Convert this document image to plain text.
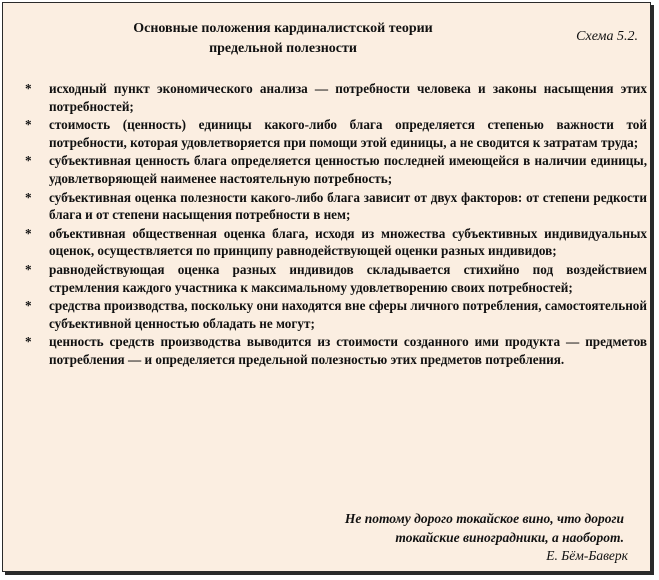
Основные положения кардиналистской теории
предельной полезности
Схема 5.2.
* исходный пункт экономического анализа — потребности человека и законы насыщения этих потребностей;
* стоимость (ценность) единицы какого-либо блага определяется степенью важности той потребности, которая удовлетворяется при помощи этой единицы, а не сводится к затратам труда;
* субъективная ценность блага определяется ценностью последней имеющейся в наличии единицы, удовлетворяющей наименее настоятельную потребность;
* субъективная оценка полезности какого-либо блага зависит от двух факторов: от степени редкости блага и от степени насыщения потребности в нем;
* объективная общественная оценка блага, исходя из множества субъективных индивидуальных оценок, осуществляется по принципу равнодействующей оценки разных индивидов;
* равнодействующая оценка разных индивидов складывается стихийно под воздействием стремления каждого участника к максимальному удовлетворению своих потребностей;
* средства производства, поскольку они находятся вне сферы личного потребления, самостоятельной субъективной ценностью обладать не могут;
* ценность средств производства выводится из стоимости созданного ими продукта — предметов потребления — и определяется предельной полезностью этих предметов потребления.
Не потому дорого токайское вино, что дороги
токайские виноградники, а наоборот.
Е. Бём-Баверк
